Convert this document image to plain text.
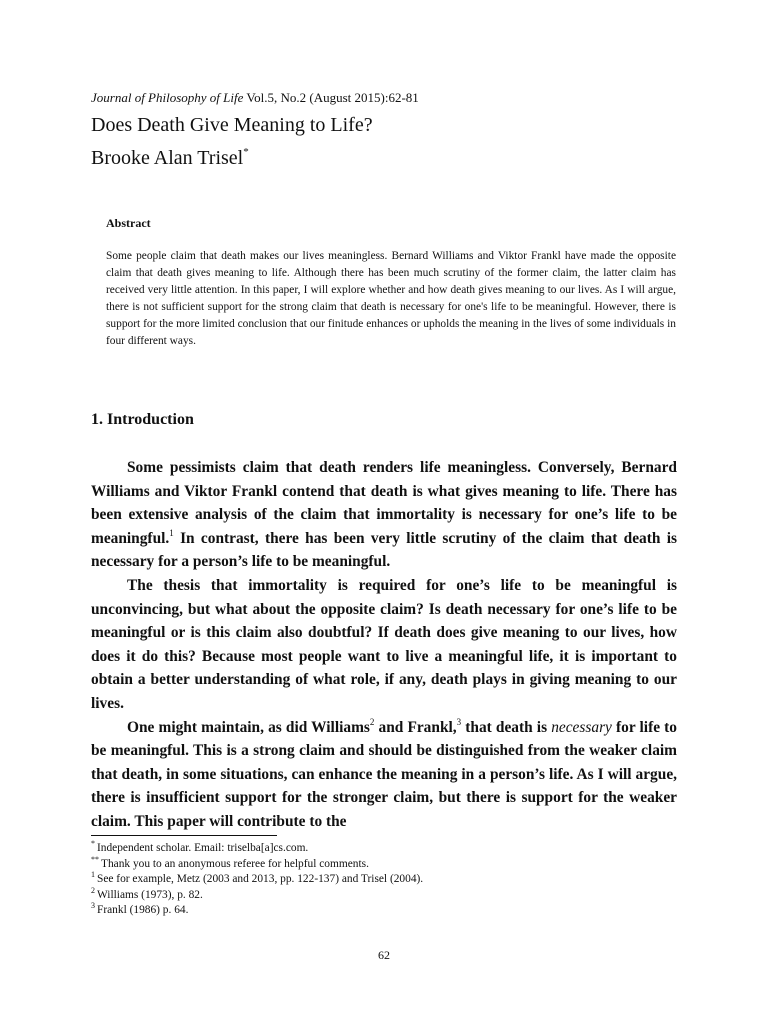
Journal of Philosophy of Life Vol.5, No.2 (August 2015):62-81
Does Death Give Meaning to Life?
Brooke Alan Trisel*
Abstract
Some people claim that death makes our lives meaningless. Bernard Williams and Viktor Frankl have made the opposite claim that death gives meaning to life. Although there has been much scrutiny of the former claim, the latter claim has received very little attention. In this paper, I will explore whether and how death gives meaning to our lives. As I will argue, there is not sufficient support for the strong claim that death is necessary for one's life to be meaningful. However, there is support for the more limited conclusion that our finitude enhances or upholds the meaning in the lives of some individuals in four different ways.
1. Introduction

Some pessimists claim that death renders life meaningless. Conversely, Bernard Williams and Viktor Frankl contend that death is what gives meaning to life. There has been extensive analysis of the claim that immortality is necessary for one’s life to be meaningful.$^1$ In contrast, there has been very little scrutiny of the claim that death is necessary for a person’s life to be meaningful.

The thesis that immortality is required for one’s life to be meaningful is unconvincing, but what about the opposite claim? Is death necessary for one’s life to be meaningful or is this claim also doubtful? If death does give meaning to our lives, how does it do this? Because most people want to live a meaningful life, it is important to obtain a better understanding of what role, if any, death plays in giving meaning to our lives.

One might maintain, as did Williams$^2$ and Frankl,$^3$ that death is necessary for life to be meaningful. This is a strong claim and should be distinguished from the weaker claim that death, in some situations, can enhance the meaning in a person’s life. As I will argue, there is insufficient support for the stronger claim, but there is support for the weaker claim. This paper will contribute to the

* Independent scholar. Email: triselba[a]cs.com.
** Thank you to an anonymous referee for helpful comments.
$^1$ See for example, Metz (2003 and 2013, pp. 122-137) and Trisel (2004).
$^2$ Williams (1973), p. 82.
$^3$ Frankl (1986) p. 64.
62
